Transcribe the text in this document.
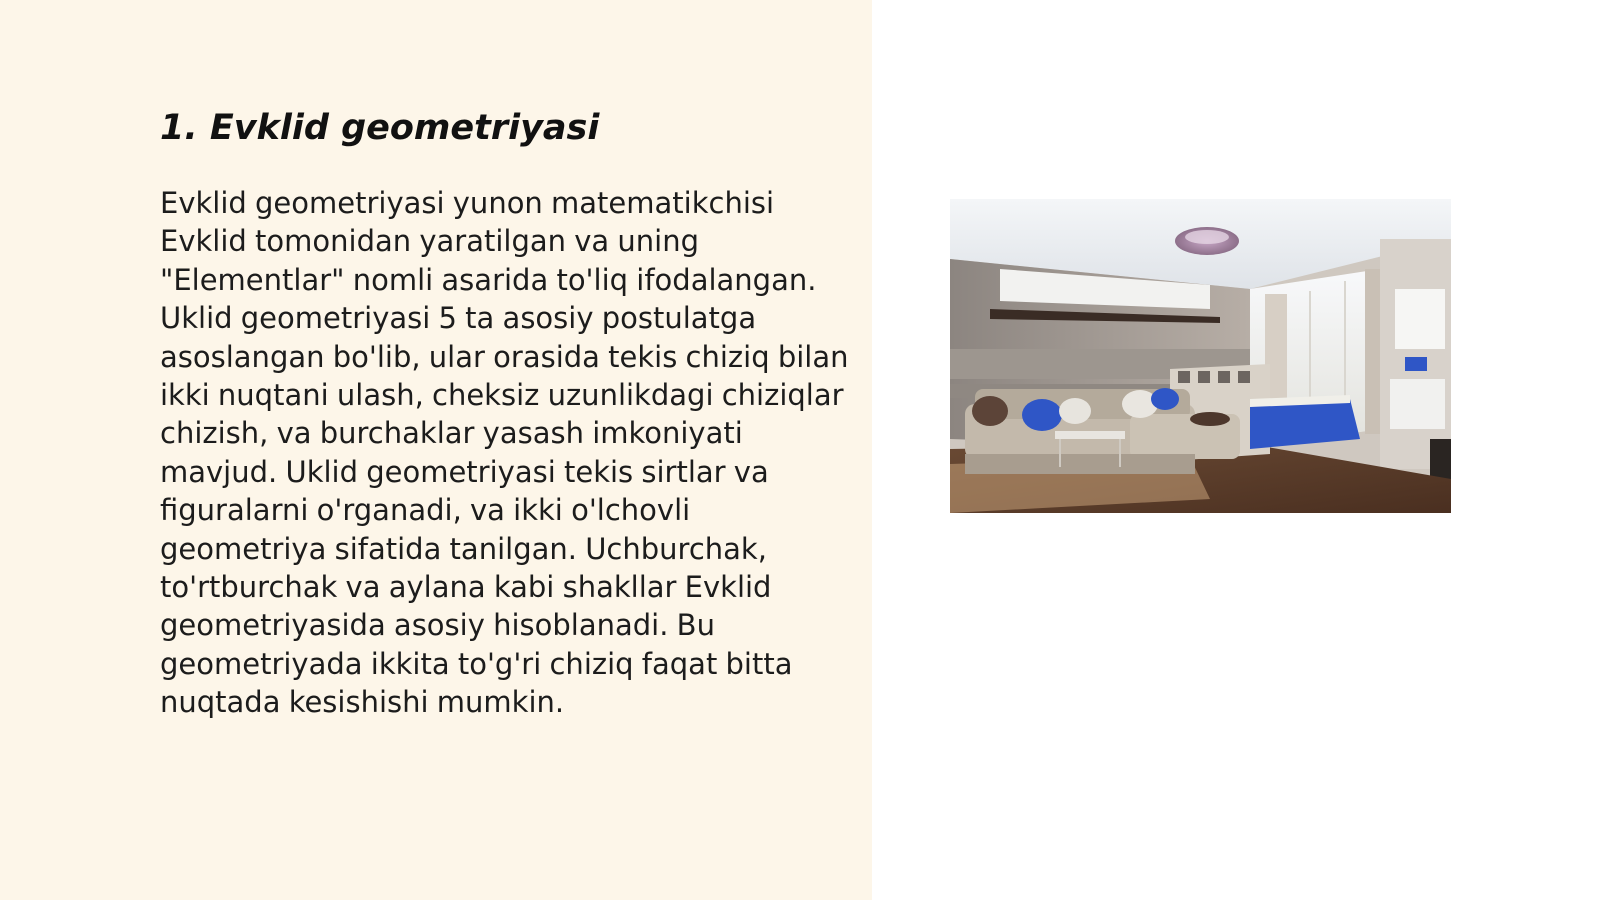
1. Evklid geometriyasi

Evklid geometriyasi yunon matematikchisi Evklid tomonidan yaratilgan va uning "Elementlar" nomli asarida to'liq ifodalangan. Uklid geometriyasi 5 ta asosiy postulatga asoslangan bo'lib, ular orasida tekis chiziq bilan ikki nuqtani ulash, cheksiz uzunlikdagi chiziqlar chizish, va burchaklar yasash imkoniyati mavjud. Uklid geometriyasi tekis sirtlar va figuralarni o'rganadi, va ikki o'lchovli geometriya sifatida tanilgan. Uchburchak, to'rtburchak va aylana kabi shakllar Evklid geometriyasida asosiy hisoblanadi. Bu geometriyada ikkita to'g'ri chiziq faqat bitta nuqtada kesishishi mumkin.
